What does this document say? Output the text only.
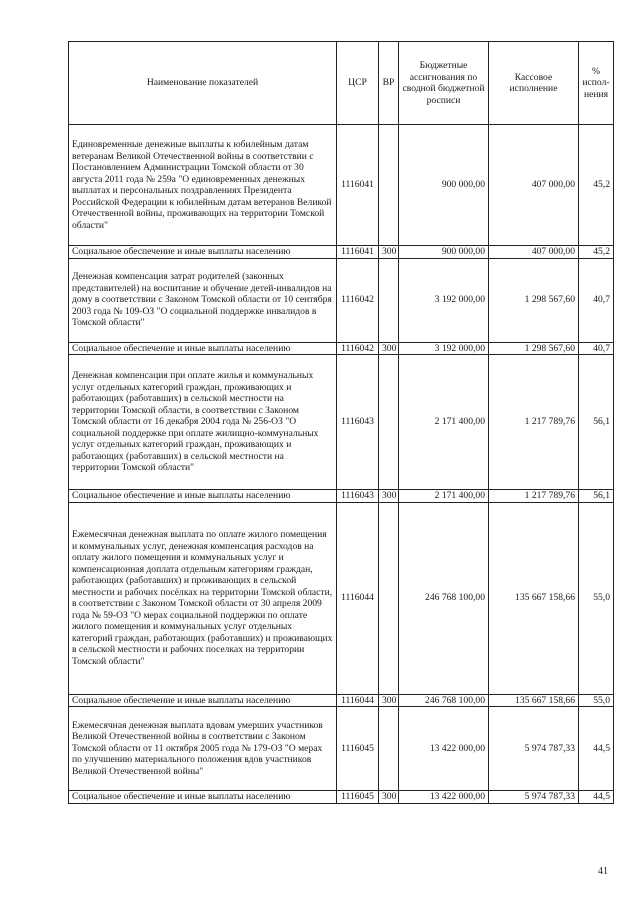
Наименование показателей	ЦСР	ВР	Бюджетные ассигнования по сводной бюджетной росписи	Кассовое исполнение	% испол-нения
Единовременные денежные выплаты к юбилейным датам ветеранам Великой Отечественной войны в соответствии с Постановлением Администрации Томской области от 30 августа 2011 года № 259а "О единовременных денежных выплатах и персональных поздравлениях Президента Российской Федерации к юбилейным датам ветеранов Великой Отечественной войны, проживающих на территории Томской области"	1116041		900 000,00	407 000,00	45,2
Социальное обеспечение и иные выплаты населению	1116041	300	900 000,00	407 000,00	45,2
Денежная компенсация затрат родителей (законных представителей) на воспитание и обучение детей-инвалидов на дому в соответствии с Законом Томской области от 10 сентября 2003 года № 109-ОЗ "О социальной поддержке инвалидов в Томской области"	1116042		3 192 000,00	1 298 567,60	40,7
Социальное обеспечение и иные выплаты населению	1116042	300	3 192 000,00	1 298 567,60	40,7
Денежная компенсация при оплате жилья и коммунальных услуг отдельных категорий граждан, проживающих и работающих (работавших) в сельской местности на территории Томской области, в соответствии с Законом Томской области от 16 декабря 2004 года № 256-ОЗ "О социальной поддержке при оплате жилищно-коммунальных услуг отдельных категорий граждан, проживающих и работающих (работавших) в сельской местности на территории Томской области"	1116043		2 171 400,00	1 217 789,76	56,1
Социальное обеспечение и иные выплаты населению	1116043	300	2 171 400,00	1 217 789,76	56,1
Ежемесячная денежная выплата по оплате жилого помещения и коммунальных услуг, денежная компенсация расходов на оплату жилого помещения и коммунальных услуг и компенсационная доплата отдельным категориям граждан, работающих (работавших) и проживающих в сельской местности и рабочих посёлках на территории Томской области, в соответствии с Законом Томской области от 30 апреля 2009 года № 59-ОЗ "О мерах социальной поддержки по оплате жилого помещения и коммунальных услуг отдельных категорий граждан, работающих (работавших) и проживающих в сельской местности и рабочих поселках на территории Томской области"	1116044		246 768 100,00	135 667 158,66	55,0
Социальное обеспечение и иные выплаты населению	1116044	300	246 768 100,00	135 667 158,66	55,0
Ежемесячная денежная выплата вдовам умерших участников Великой Отечественной войны в соответствии с Законом Томской области от 11 октября 2005 года № 179-ОЗ "О мерах по улучшению материального положения вдов участников Великой Отечественной войны"	1116045		13 422 000,00	5 974 787,33	44,5
Социальное обеспечение и иные выплаты населению	1116045	300	13 422 000,00	5 974 787,33	44,5
41
